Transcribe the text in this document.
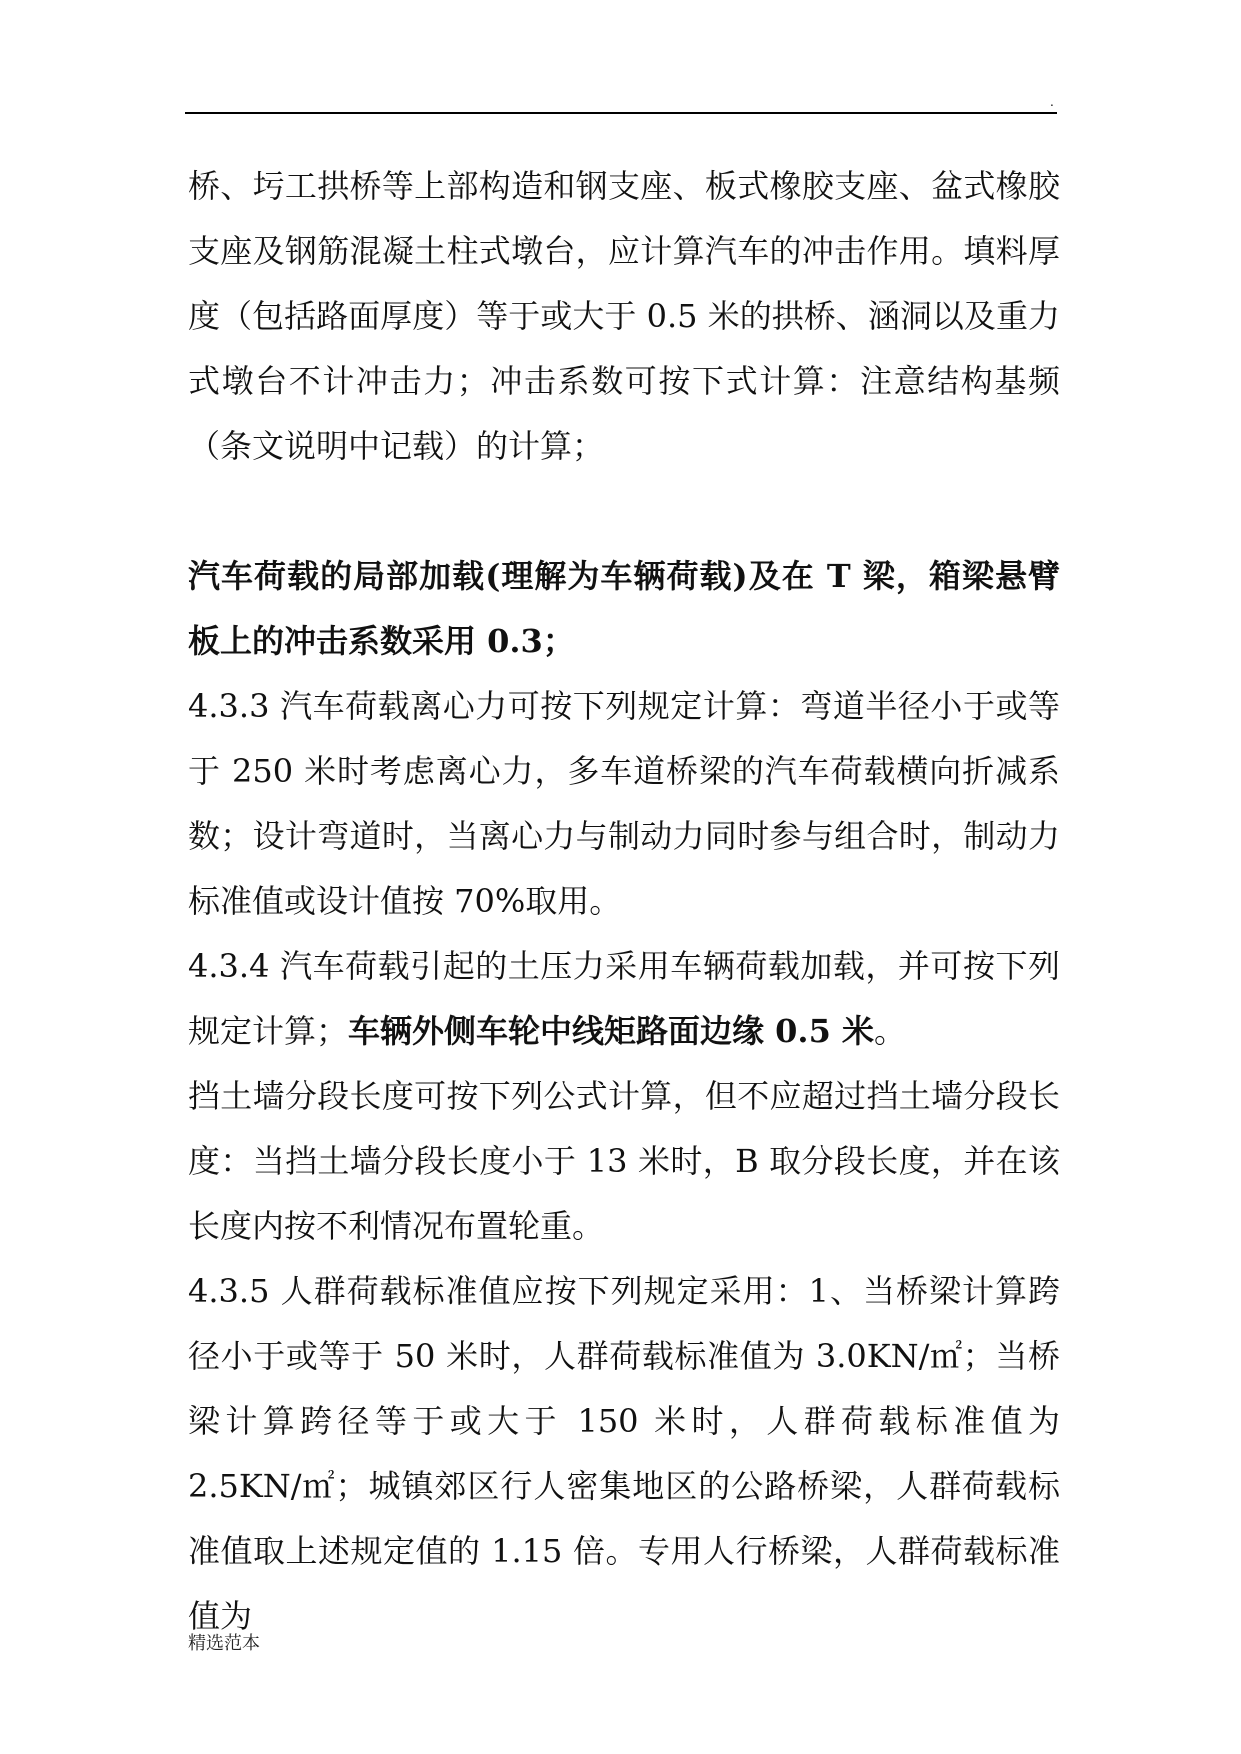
.

桥、圬工拱桥等上部构造和钢支座、板式橡胶支座、盆式橡胶支座及钢筋混凝土柱式墩台，应计算汽车的冲击作用。填料厚度（包括路面厚度）等于或大于 0.5 米的拱桥、涵洞以及重力式墩台不计冲击力；冲击系数可按下式计算：注意结构基频（条文说明中记载）的计算；

汽车荷载的局部加载(理解为车辆荷载)及在 T 梁，箱梁悬臂板上的冲击系数采用 0.3；

4.3.3 汽车荷载离心力可按下列规定计算：弯道半径小于或等于 250 米时考虑离心力，多车道桥梁的汽车荷载横向折减系数；设计弯道时，当离心力与制动力同时参与组合时，制动力标准值或设计值按 70%取用。

4.3.4 汽车荷载引起的土压力采用车辆荷载加载，并可按下列规定计算；车辆外侧车轮中线矩路面边缘 0.5 米。

挡土墙分段长度可按下列公式计算，但不应超过挡土墙分段长度：当挡土墙分段长度小于 13 米时，B 取分段长度，并在该长度内按不利情况布置轮重。

4.3.5 人群荷载标准值应按下列规定采用：1、当桥梁计算跨径小于或等于 50 米时，人群荷载标准值为 3.0KN/㎡；当桥梁计算跨径等于或大于 150 米时，人群荷载标准值为 2.5KN/㎡；城镇郊区行人密集地区的公路桥梁，人群荷载标准值取上述规定值的 1.15 倍。专用人行桥梁，人群荷载标准值为

精选范本
